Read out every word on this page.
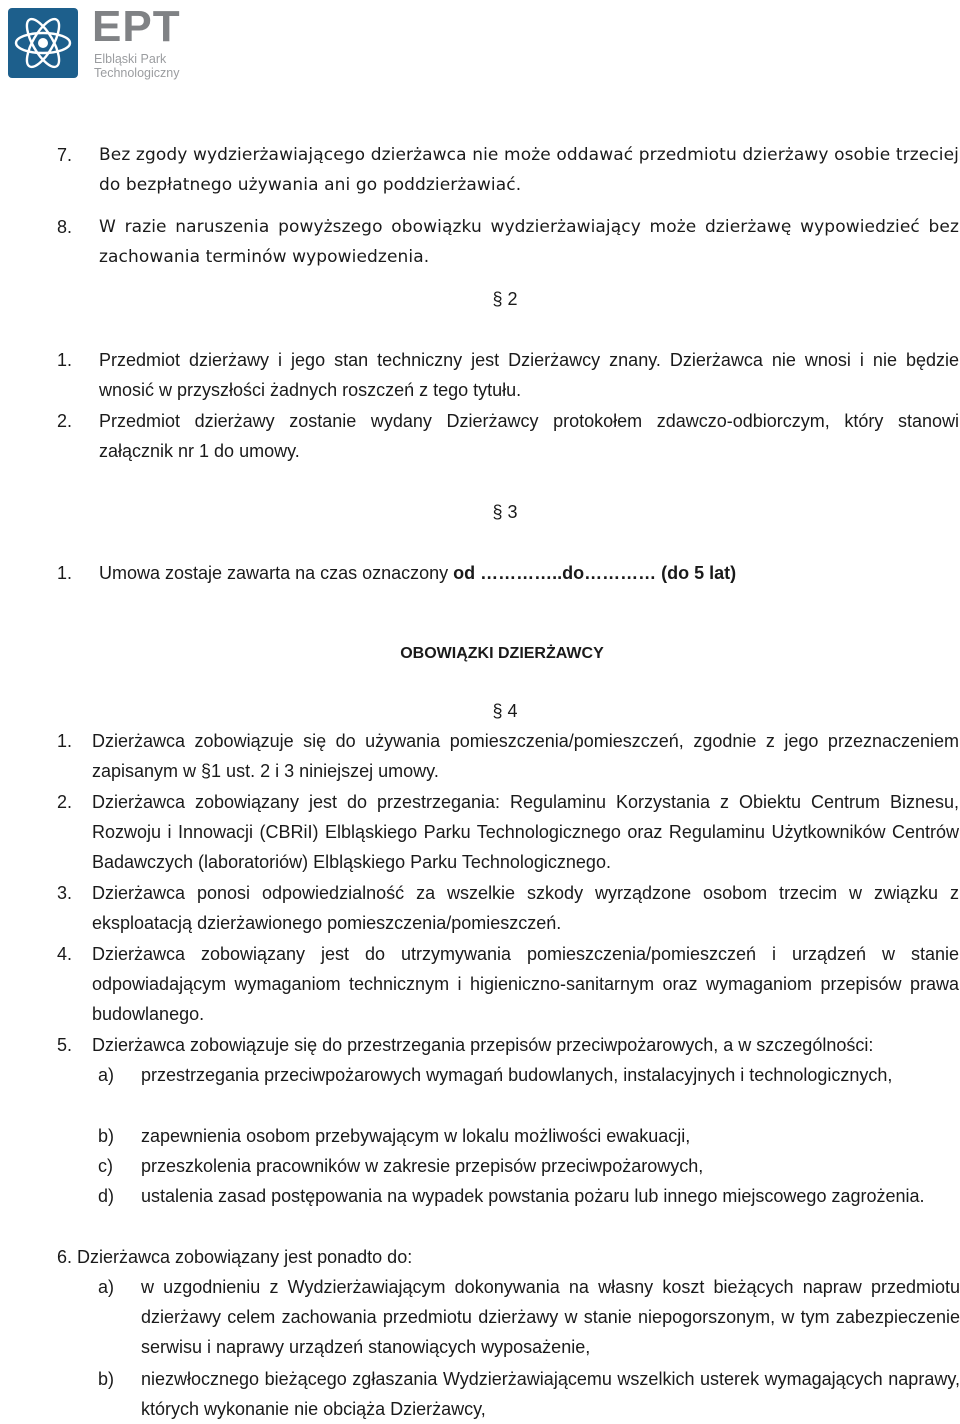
EPT
Elbląski Park
Technologiczny
7. Bez zgody wydzierżawiającego dzierżawca nie może oddawać przedmiotu dzierżawy osobie trzeciej do bezpłatnego używania ani go poddzierżawiać.
8. W razie naruszenia powyższego obowiązku wydzierżawiający może dzierżawę wypowiedzieć bez zachowania terminów wypowiedzenia.
§ 2
1. Przedmiot dzierżawy i jego stan techniczny jest Dzierżawcy znany. Dzierżawca nie wnosi i nie będzie wnosić w przyszłości żadnych roszczeń z tego tytułu.
2. Przedmiot dzierżawy zostanie wydany Dzierżawcy protokołem zdawczo-odbiorczym, który stanowi załącznik nr 1 do umowy.
§ 3
1. Umowa zostaje zawarta na czas oznaczony od …………..do………… (do 5 lat)
OBOWIĄZKI DZIERŻAWCY
§ 4
1. Dzierżawca zobowiązuje się do używania pomieszczenia/pomieszczeń, zgodnie z jego przeznaczeniem zapisanym w §1 ust. 2 i 3 niniejszej umowy.
2. Dzierżawca zobowiązany jest do przestrzegania: Regulaminu Korzystania z Obiektu Centrum Biznesu, Rozwoju i Innowacji (CBRiI) Elbląskiego Parku Technologicznego oraz Regulaminu Użytkowników Centrów Badawczych (laboratoriów) Elbląskiego Parku Technologicznego.
3. Dzierżawca ponosi odpowiedzialność za wszelkie szkody wyrządzone osobom trzecim w związku z eksploatacją dzierżawionego pomieszczenia/pomieszczeń.
4. Dzierżawca zobowiązany jest do utrzymywania pomieszczenia/pomieszczeń i urządzeń w stanie odpowiadającym wymaganiom technicznym i higieniczno-sanitarnym oraz wymaganiom przepisów prawa budowlanego.
5. Dzierżawca zobowiązuje się do przestrzegania przepisów przeciwpożarowych, a w szczególności:
a) przestrzegania przeciwpożarowych wymagań budowlanych, instalacyjnych i technologicznych,
b) zapewnienia osobom przebywającym w lokalu możliwości ewakuacji,
c) przeszkolenia pracowników w zakresie przepisów przeciwpożarowych,
d) ustalenia zasad postępowania na wypadek powstania pożaru lub innego miejscowego zagrożenia.
6. Dzierżawca zobowiązany jest ponadto do:
a) w uzgodnieniu z Wydzierżawiającym dokonywania na własny koszt bieżących napraw przedmiotu dzierżawy celem zachowania przedmiotu dzierżawy w stanie niepogorszonym, w tym zabezpieczenie serwisu i naprawy urządzeń stanowiących wyposażenie,
b) niezwłocznego bieżącego zgłaszania Wydzierżawiającemu wszelkich usterek wymagających naprawy, których wykonanie nie obciąża Dzierżawcy,
